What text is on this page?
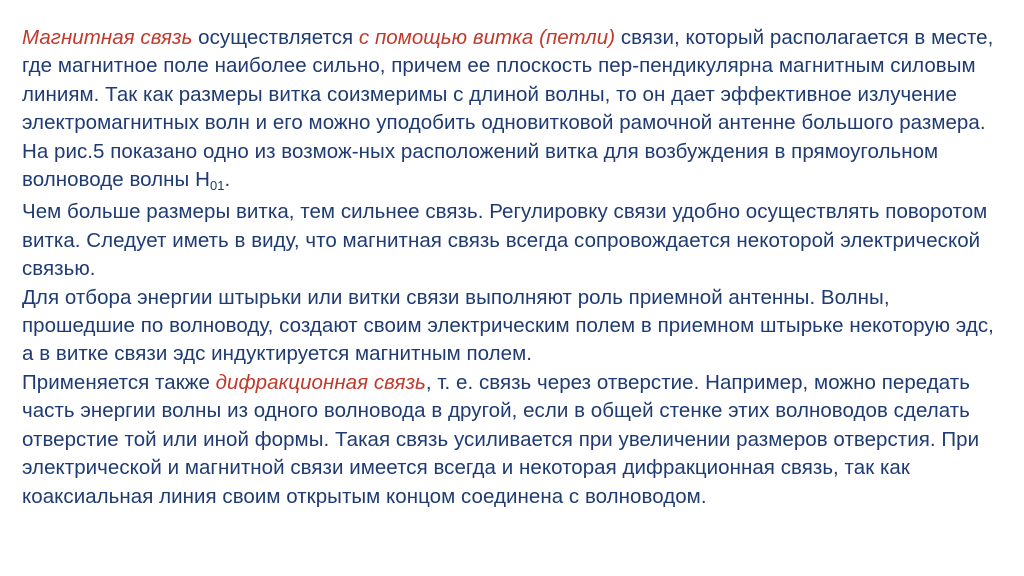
Магнитная связь осуществляется с помощью витка (петли) связи, который располагается в месте, где магнитное поле наиболее сильно, причем ее плоскость пер-пендикулярна магнитным силовым линиям. Так как размеры витка соизмеримы с длиной волны, то он дает эффективное излучение электромагнитных волн и его можно уподобить одновитковой рамочной антенне большого размера. На рис.5 показано одно из возмож-ных расположений витка для возбуждения в прямоугольном волноводе волны $H_{01}$.

Чем больше размеры витка, тем сильнее связь. Регулировку связи удобно осуществлять поворотом витка. Следует иметь в виду, что магнитная связь всегда сопровождается некоторой электрической связью.

Для отбора энергии штырьки или витки связи выполняют роль приемной антенны. Волны, прошедшие по волноводу, создают своим электрическим полем в приемном штырьке некоторую эдс, а в витке связи эдс индуктируется магнитным полем.

Применяется также дифракционная связь, т. е. связь через отверстие. Например, можно передать часть энергии волны из одного волновода в другой, если в общей стенке этих волноводов сделать отверстие той или иной формы. Такая связь усиливается при увеличении размеров отверстия. При электрической и магнитной связи имеется всегда и некоторая дифракционная связь, так как коаксиальная линия своим открытым концом соединена с волноводом.
